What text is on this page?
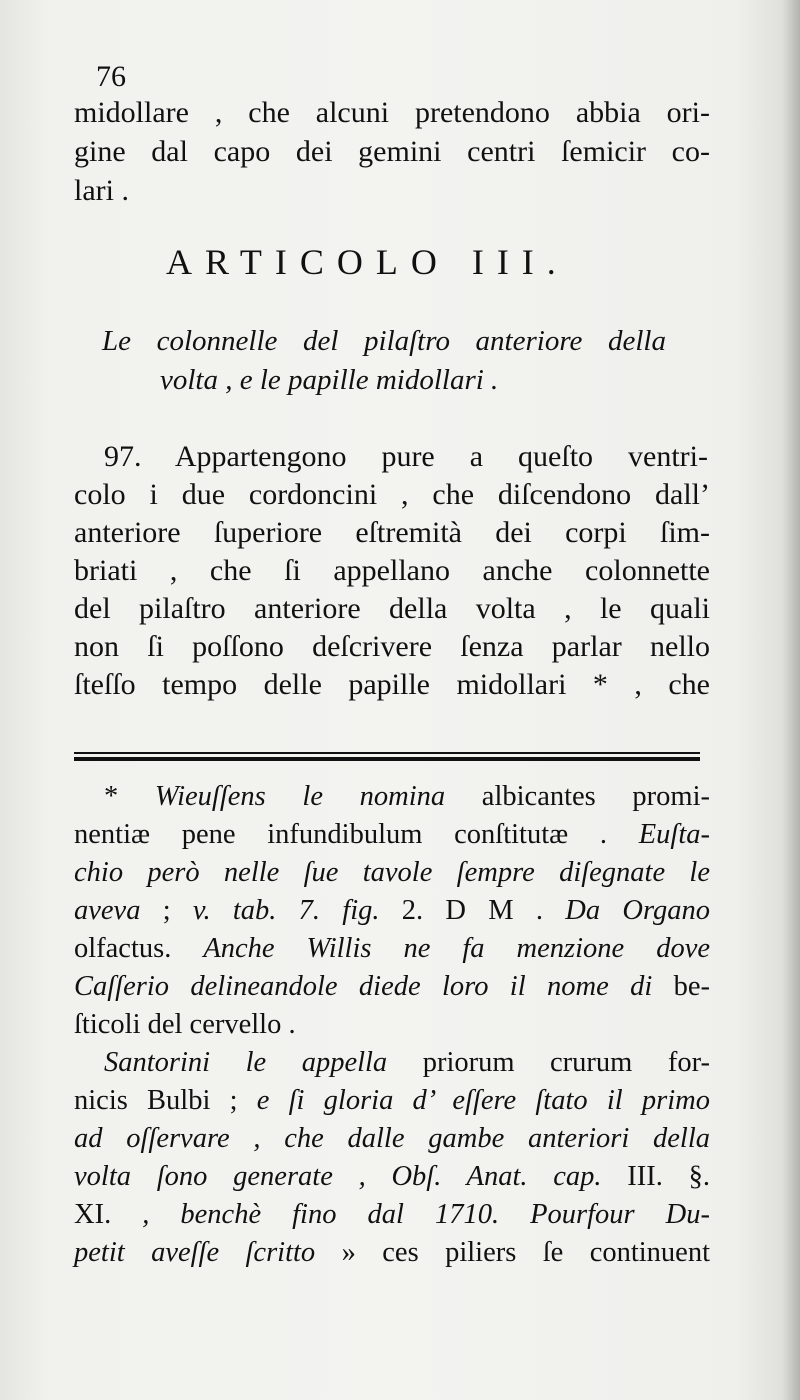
76
midollare , che alcuni pretendono abbia ori-
gine dal capo dei gemini centri ſemicir co-
lari .
ARTICOLO III.
Le colonnelle del pilaſtro anteriore della
volta , e le papille midollari .
97. Appartengono pure a queſto ventri-
colo i due cordoncini , che diſcendono dall’
anteriore ſuperiore eſtremità dei corpi ſim-
briati , che ſi appellano anche colonnette
del pilaſtro anteriore della volta , le quali
non ſi poſſono deſcrivere ſenza parlar nello
ſteſſo tempo delle papille midollari * , che
* Wieuſſens le nomina albicantes promi-
nentiæ pene infundibulum conſtitutæ . Euſta-
chio però nelle ſue tavole ſempre diſegnate le
aveva ; v. tab. 7. fig. 2. D M . Da Organo
olfactus. Anche Willis ne fa menzione dove
Caſſerio delineandole diede loro il nome di be-
ſticoli del cervello .
Santorini le appella priorum crurum for-
nicis Bulbi ; e ſi gloria d’ eſſere ſtato il primo
ad oſſervare , che dalle gambe anteriori della
volta ſono generate , Obſ. Anat. cap. III. §.
XI. , benchè fino dal 1710. Pourfour Du-
petit aveſſe ſcritto » ces piliers ſe continuent
